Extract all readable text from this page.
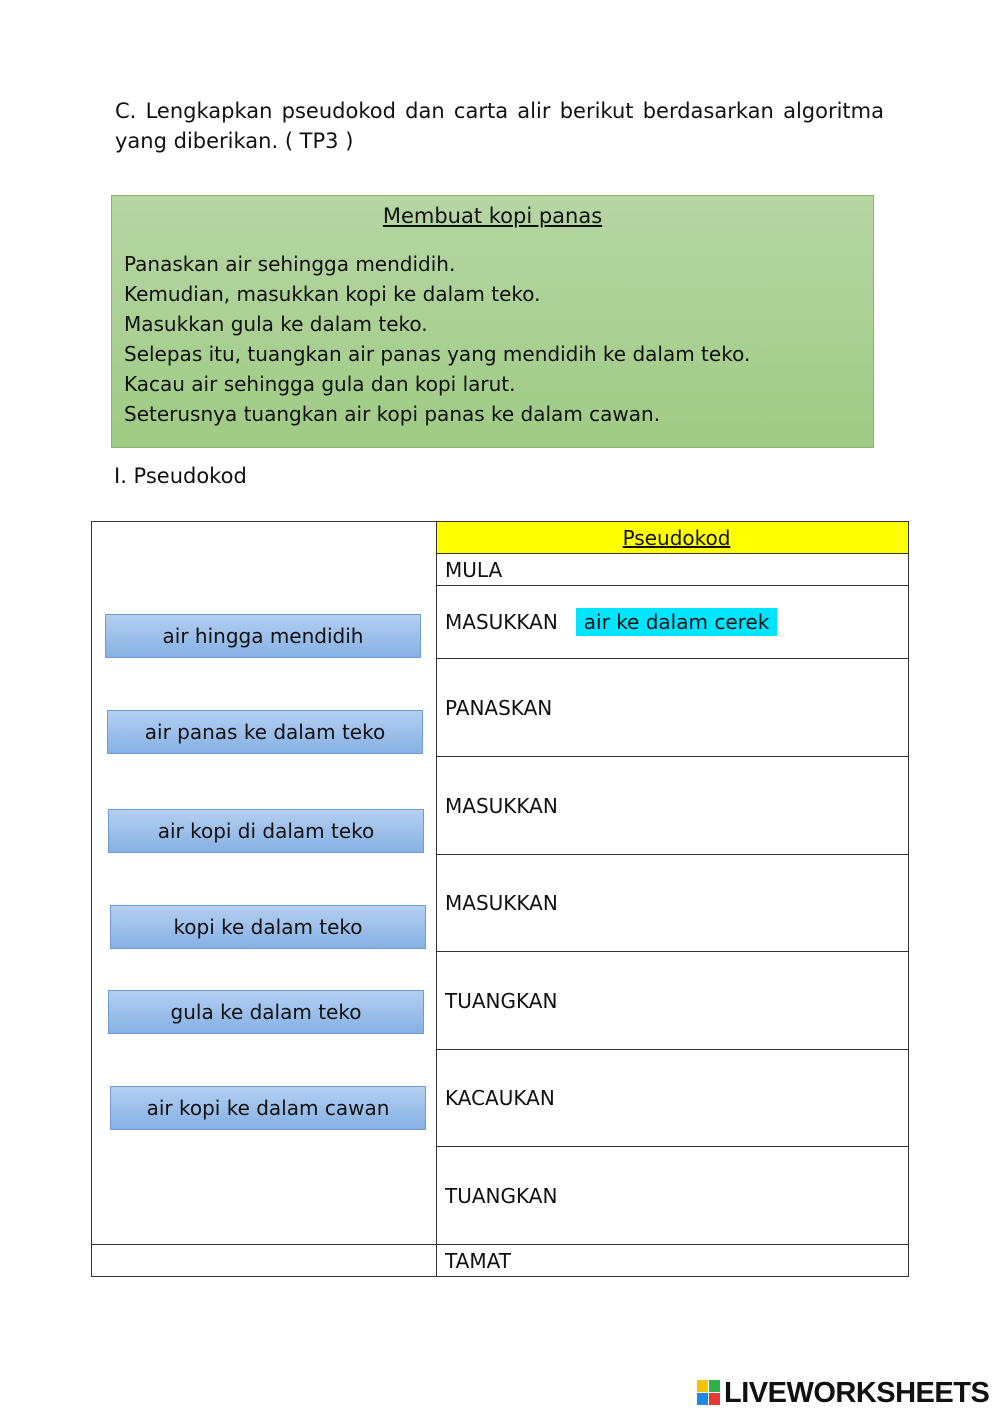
C. Lengkapkan pseudokod dan carta alir berikut berdasarkan algoritma yang diberikan. ( TP3 )
Membuat kopi panas
Panaskan air sehingga mendidih.
Kemudian, masukkan kopi ke dalam teko.
Masukkan gula ke dalam teko.
Selepas itu, tuangkan air panas yang mendidih ke dalam teko.
Kacau air sehingga gula dan kopi larut.
Seterusnya tuangkan air kopi panas ke dalam cawan.
I. Pseudokod
	Pseudokod
	MULA
	MASUKKAN air ke dalam cerek
	PANASKAN
	MASUKKAN
	MASUKKAN
	TUANGKAN
	KACAUKAN
	TUANGKAN
	TAMAT
air hingga mendidih
air panas ke dalam teko
air kopi di dalam teko
kopi ke dalam teko
gula ke dalam teko
air kopi ke dalam cawan
LIVEWORKSHEETS
